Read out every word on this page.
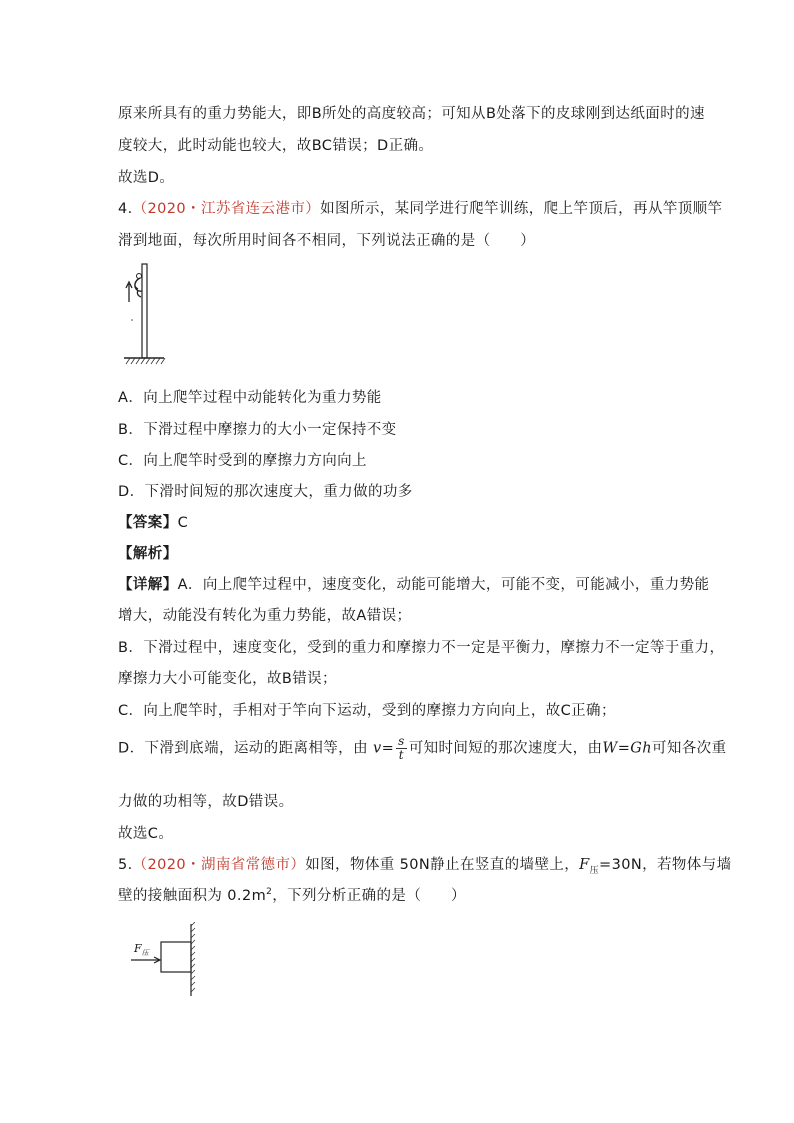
原来所具有的重力势能大，即B所处的高度较高；可知从B处落下的皮球刚到达纸面时的速
度较大，此时动能也较大，故BC错误；D正确。
故选D。
4.（2020・江苏省连云港市）如图所示，某同学进行爬竿训练，爬上竿顶后，再从竿顶顺竿
滑到地面，每次所用时间各不相同，下列说法正确的是（　　）
A．向上爬竿过程中动能转化为重力势能
B．下滑过程中摩擦力的大小一定保持不变
C．向上爬竿时受到的摩擦力方向向上
D．下滑时间短的那次速度大，重力做的功多
【答案】C
【解析】
【详解】A．向上爬竿过程中，速度变化，动能可能增大，可能不变，可能减小，重力势能
增大，动能没有转化为重力势能，故A错误；
B．下滑过程中，速度变化，受到的重力和摩擦力不一定是平衡力，摩擦力不一定等于重力，
摩擦力大小可能变化，故B错误；
C．向上爬竿时，手相对于竿向下运动，受到的摩擦力方向向上，故C正确；
D．下滑到底端，运动的距离相等，由 $v= \frac{s}{t}$ 可知时间短的那次速度大，由W=Gh可知各次重
力做的功相等，故D错误。
故选C。
5.（2020・湖南省常德市）如图，物体重 50N静止在竖直的墙壁上，$F_压=30N$，若物体与墙
壁的接触面积为 $0.2m^2$，下列分析正确的是（　　）
$F_压$
